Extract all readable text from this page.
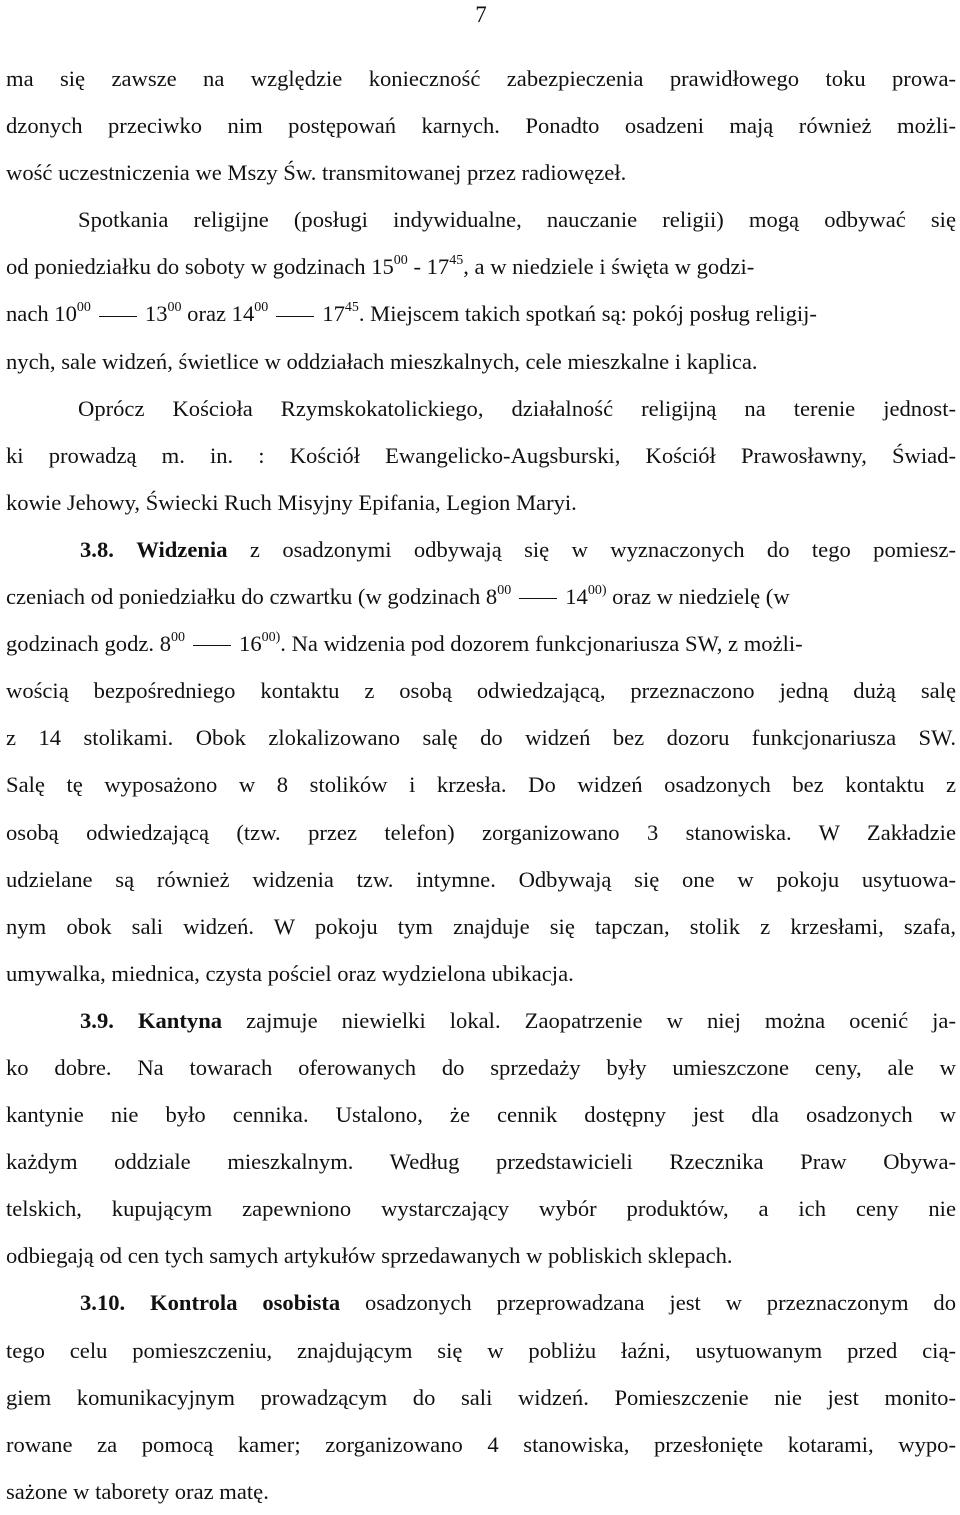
7
ma się zawsze na względzie konieczność zabezpieczenia prawidłowego toku prowa-
dzonych przeciwko nim postępowań karnych. Ponadto osadzeni mają również możli-
wość uczestniczenia we Mszy Św. transmitowanej przez radiowęzeł.
Spotkania religijne (posługi indywidualne, nauczanie religii) mogą odbywać się
od poniedziałku do soboty w godzinach $15^{00} - 17^{45}$, a w niedziele i święta w godzi-
nach $10^{00}$ $13^{00}$ oraz $14^{00}$ $17^{45}$. Miejscem takich spotkań są: pokój posług religij-
nych, sale widzeń, świetlice w oddziałach mieszkalnych, cele mieszkalne i kaplica.
Oprócz Kościoła Rzymskokatolickiego, działalność religijną na terenie jednost-
ki prowadzą m. in. : Kościół Ewangelicko-Augsburski, Kościół Prawosławny, Świad-
kowie Jehowy, Świecki Ruch Misyjny Epifania, Legion Maryi.
3.8. Widzenia z osadzonymi odbywają się w wyznaczonych do tego pomiesz-
czeniach od poniedziałku do czwartku (w godzinach $8^{00}$ 14$^{00)}$ oraz w niedzielę (w
godzinach godz. $8^{00}$ 16$^{00)}$. Na widzenia pod dozorem funkcjonariusza SW, z możli-
wością bezpośredniego kontaktu z osobą odwiedzającą, przeznaczono jedną dużą salę
z 14 stolikami. Obok zlokalizowano salę do widzeń bez dozoru funkcjonariusza SW.
Salę tę wyposażono w 8 stolików i krzesła. Do widzeń osadzonych bez kontaktu z
osobą odwiedzającą (tzw. przez telefon) zorganizowano 3 stanowiska. W Zakładzie
udzielane są również widzenia tzw. intymne. Odbywają się one w pokoju usytuowa-
nym obok sali widzeń. W pokoju tym znajduje się tapczan, stolik z krzesłami, szafa,
umywalka, miednica, czysta pościel oraz wydzielona ubikacja.
3.9. Kantyna zajmuje niewielki lokal. Zaopatrzenie w niej można ocenić ja-
ko dobre. Na towarach oferowanych do sprzedaży były umieszczone ceny, ale w
kantynie nie było cennika. Ustalono, że cennik dostępny jest dla osadzonych w
każdym oddziale mieszkalnym. Według przedstawicieli Rzecznika Praw Obywa-
telskich, kupującym zapewniono wystarczający wybór produktów, a ich ceny nie
odbiegają od cen tych samych artykułów sprzedawanych w pobliskich sklepach.
3.10. Kontrola osobista osadzonych przeprowadzana jest w przeznaczonym do
tego celu pomieszczeniu, znajdującym się w pobliżu łaźni, usytuowanym przed cią-
giem komunikacyjnym prowadzącym do sali widzeń. Pomieszczenie nie jest monito-
rowane za pomocą kamer; zorganizowano 4 stanowiska, przesłonięte kotarami, wypo-
sażone w taborety oraz matę.
